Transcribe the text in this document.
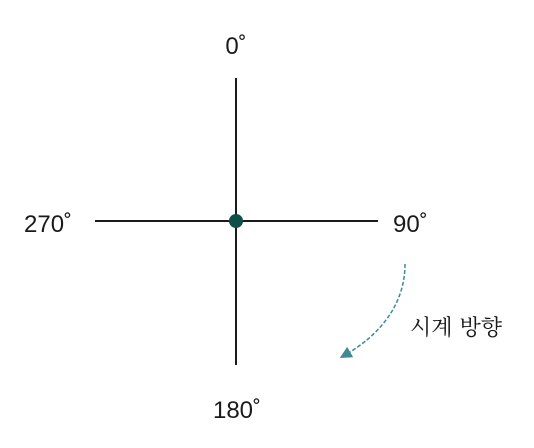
0˚
90˚
180˚
270˚
시계 방향
